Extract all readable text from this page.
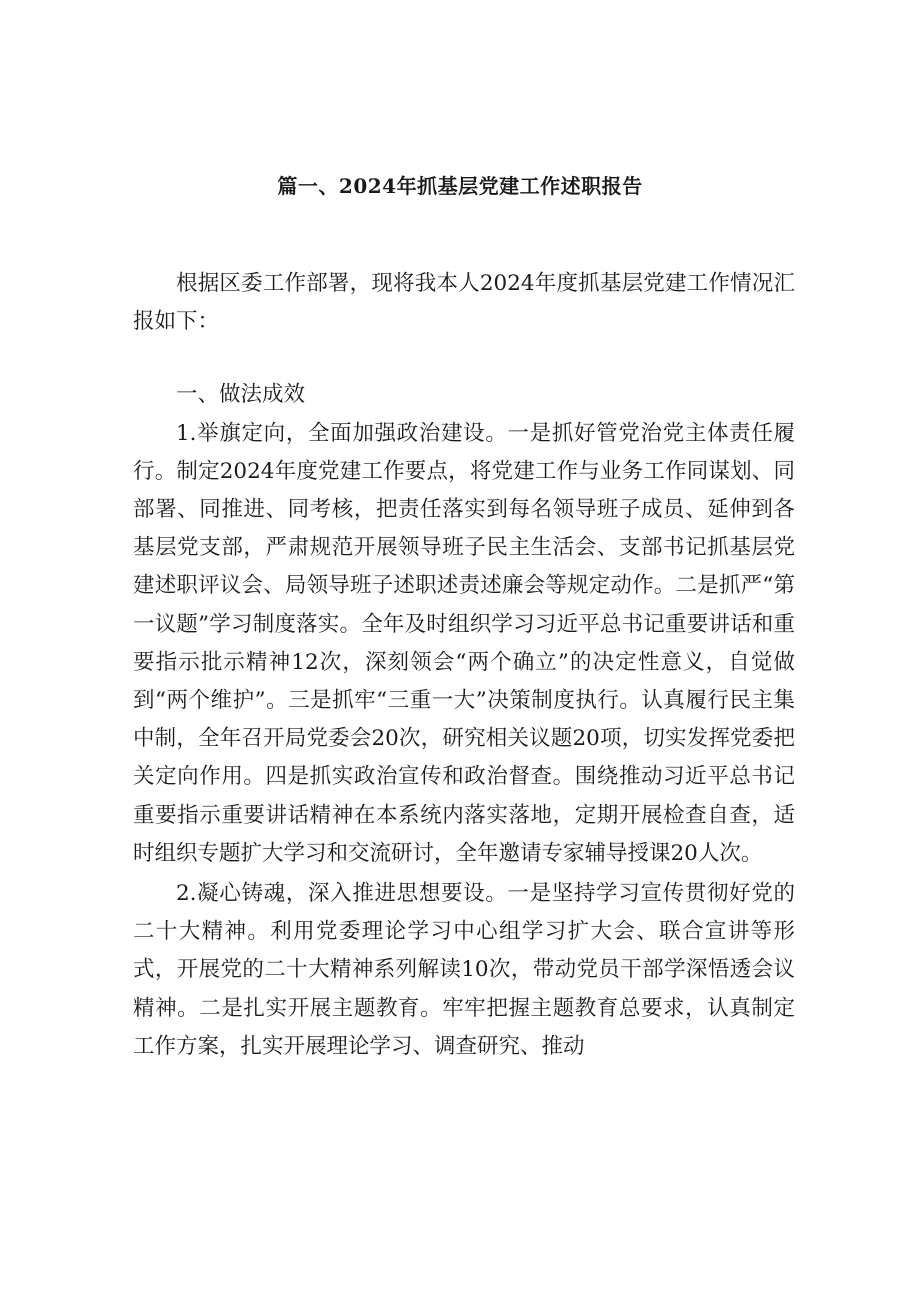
篇一、2024年抓基层党建工作述职报告

根据区委工作部署，现将我本人2024年度抓基层党建工作情况汇报如下：

一、做法成效

1.举旗定向，全面加强政治建设。一是抓好管党治党主体责任履行。制定2024年度党建工作要点，将党建工作与业务工作同谋划、同部署、同推进、同考核，把责任落实到每名领导班子成员、延伸到各基层党支部，严肃规范开展领导班子民主生活会、支部书记抓基层党建述职评议会、局领导班子述职述责述廉会等规定动作。二是抓严“第一议题”学习制度落实。全年及时组织学习习近平总书记重要讲话和重要指示批示精神12次，深刻领会“两个确立”的决定性意义，自觉做到“两个维护”。三是抓牢“三重一大”决策制度执行。认真履行民主集中制，全年召开局党委会20次，研究相关议题20项，切实发挥党委把关定向作用。四是抓实政治宣传和政治督查。围绕推动习近平总书记重要指示重要讲话精神在本系统内落实落地，定期开展检查自查，适时组织专题扩大学习和交流研讨，全年邀请专家辅导授课20人次。

2.凝心铸魂，深入推进思想要设。一是坚持学习宣传贯彻好党的二十大精神。利用党委理论学习中心组学习扩大会、联合宣讲等形式，开展党的二十大精神系列解读10次，带动党员干部学深悟透会议精神。二是扎实开展主题教育。牢牢把握主题教育总要求，认真制定工作方案，扎实开展理论学习、调查研究、推动
